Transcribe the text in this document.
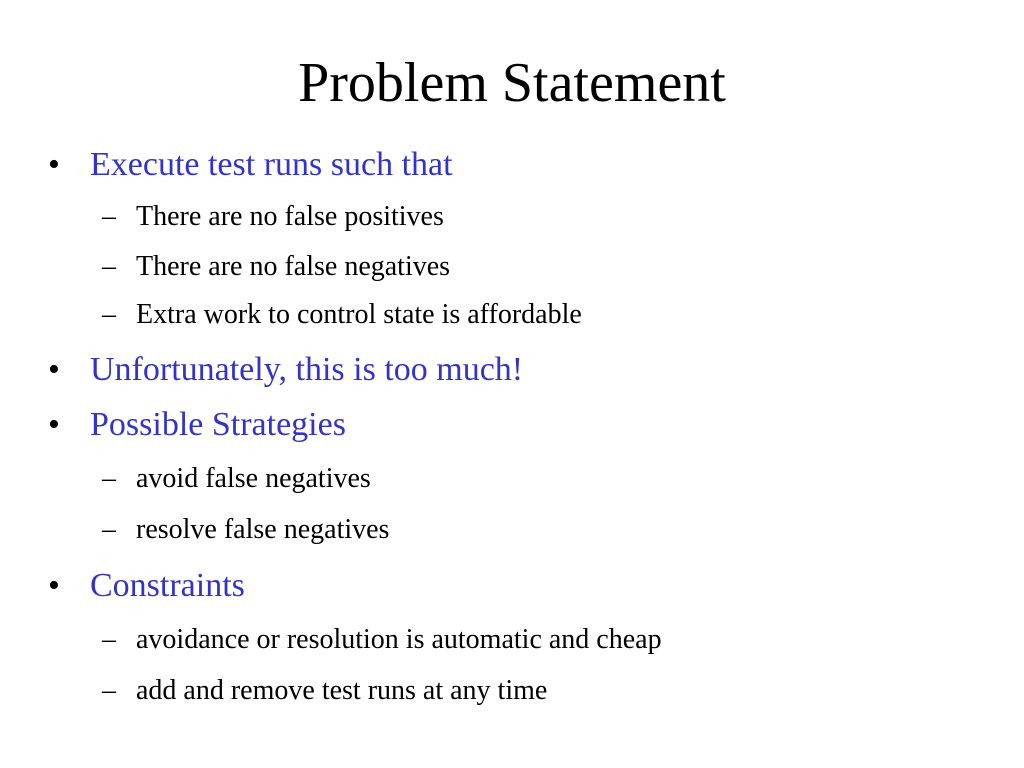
Problem Statement
• Execute test runs such that
– There are no false positives
– There are no false negatives
– Extra work to control state is affordable
• Unfortunately, this is too much!
• Possible Strategies
– avoid false negatives
– resolve false negatives
• Constraints
– avoidance or resolution is automatic and cheap
– add and remove test runs at any time
